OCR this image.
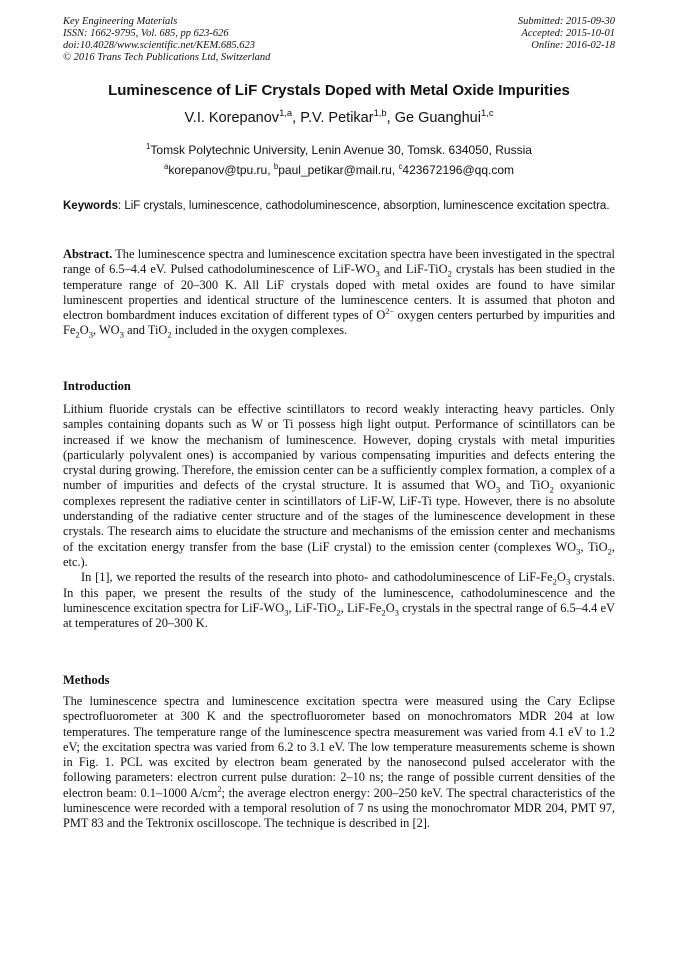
Key Engineering Materials
ISSN: 1662-9795, Vol. 685, pp 623-626
doi:10.4028/www.scientific.net/KEM.685.623
© 2016 Trans Tech Publications Ltd, Switzerland
Submitted: 2015-09-30
Accepted: 2015-10-01
Online: 2016-02-18
Luminescence of LiF Crystals Doped with Metal Oxide Impurities
V.I. Korepanov$^{1,a}$, P.V. Petikar$^{1,b}$, Ge Guanghui$^{1,c}$
$^1$Tomsk Polytechnic University, Lenin Avenue 30, Tomsk. 634050, Russia
$^a$korepanov@tpu.ru, $^b$paul_petikar@mail.ru, $^c$423672196@qq.com
Keywords: LiF crystals, luminescence, cathodoluminescence, absorption, luminescence excitation spectra.
Abstract. The luminescence spectra and luminescence excitation spectra have been investigated in the spectral range of 6.5–4.4 eV. Pulsed cathodoluminescence of LiF-$WO_3$ and LiF-TiO$_2$ crystals has been studied in the temperature range of 20–300 K. All LiF crystals doped with metal oxides are found to have similar luminescent properties and identical structure of the luminescence centers. It is assumed that photon and electron bombardment induces excitation of different types of $O^{2-}$ oxygen centers perturbed by impurities and $Fe_2O_3$, $WO_3$ and TiO$_2$ included in the oxygen complexes.
Introduction

Lithium fluoride crystals can be effective scintillators to record weakly interacting heavy particles. Only samples containing dopants such as W or Ti possess high light output. Performance of scintillators can be increased if we know the mechanism of luminescence. However, doping crystals with metal impurities (particularly polyvalent ones) is accompanied by various compensating impurities and defects entering the crystal during growing. Therefore, the emission center can be a sufficiently complex formation, a complex of a number of impurities and defects of the crystal structure. It is assumed that $WO_3$ and TiO$_2$ oxyanionic complexes represent the radiative center in scintillators of LiF-W, LiF-Ti type. However, there is no absolute understanding of the radiative center structure and of the stages of the luminescence development in these crystals. The research aims to elucidate the structure and mechanisms of the emission center and mechanisms of the excitation energy transfer from the base (LiF crystal) to the emission center (complexes $WO_3$, TiO$_2$, etc.).

In [1], we reported the results of the research into photo- and cathodoluminescence of LiF-$Fe_2O_3$ crystals. In this paper, we present the results of the study of the luminescence, cathodoluminescence and the luminescence excitation spectra for LiF-$WO_3$, LiF-TiO$_2$, LiF-$Fe_2O_3$ crystals in the spectral range of 6.5–4.4 eV at temperatures of 20–300 K.

Methods
The luminescence spectra and luminescence excitation spectra were measured using the Cary Eclipse spectrofluorometer at 300 K and the spectrofluorometer based on monochromators MDR 204 at low temperatures. The temperature range of the luminescence spectra measurement was varied from 4.1 eV to 1.2 eV; the excitation spectra was varied from 6.2 to 3.1 eV. The low temperature measurements scheme is shown in Fig. 1. PCL was excited by electron beam generated by the nanosecond pulsed accelerator with the following parameters: electron current pulse duration: 2–10 ns; the range of possible current densities of the electron beam: 0.1–1000 $A/cm^2$; the average electron energy: 200–250 keV. The spectral characteristics of the luminescence were recorded with a temporal resolution of 7 ns using the monochromator MDR 204, PMT 97, PMT 83 and the Tektronix oscilloscope. The technique is described in [2].
